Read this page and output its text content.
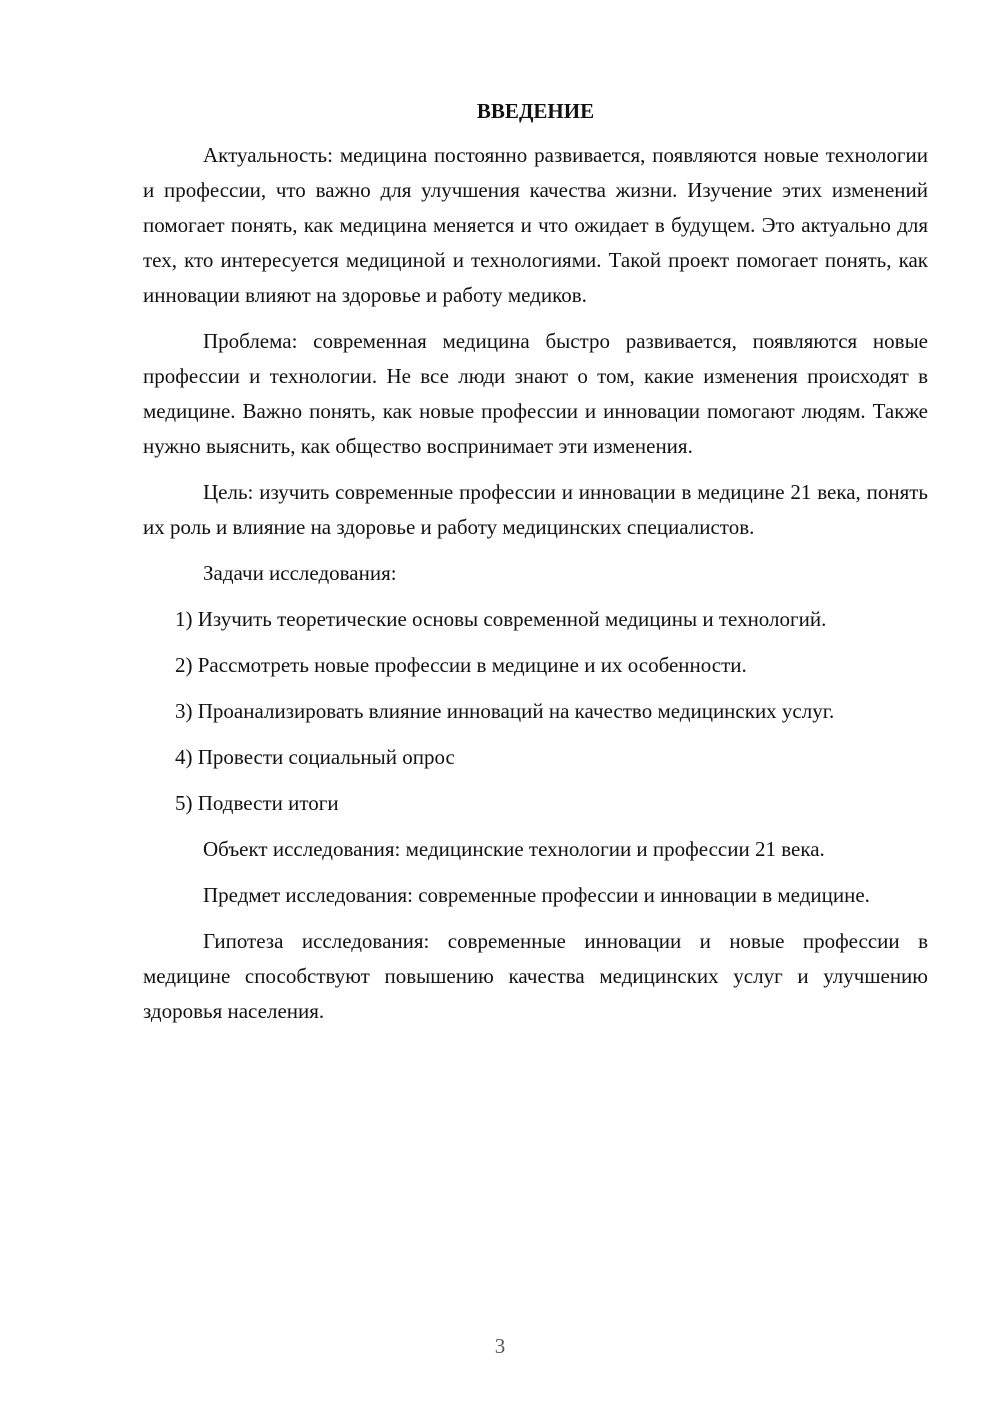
ВВЕДЕНИЕ

Актуальность: медицина постоянно развивается, появляются новые технологии и профессии, что важно для улучшения качества жизни. Изучение этих изменений помогает понять, как медицина меняется и что ожидает в будущем. Это актуально для тех, кто интересуется медициной и технологиями. Такой проект помогает понять, как инновации влияют на здоровье и работу медиков.

Проблема: современная медицина быстро развивается, появляются новые профессии и технологии. Не все люди знают о том, какие изменения происходят в медицине. Важно понять, как новые профессии и инновации помогают людям. Также нужно выяснить, как общество воспринимает эти изменения.

Цель: изучить современные профессии и инновации в медицине 21 века, понять их роль и влияние на здоровье и работу медицинских специалистов.

Задачи исследования:

1) Изучить теоретические основы современной медицины и технологий.

2) Рассмотреть новые профессии в медицине и их особенности.

3) Проанализировать влияние инноваций на качество медицинских услуг.

4) Провести социальный опрос

5) Подвести итоги

Объект исследования: медицинские технологии и профессии 21 века.

Предмет исследования: современные профессии и инновации в медицине.

Гипотеза исследования: современные инновации и новые профессии в медицине способствуют повышению качества медицинских услуг и улучшению здоровья населения.

3
